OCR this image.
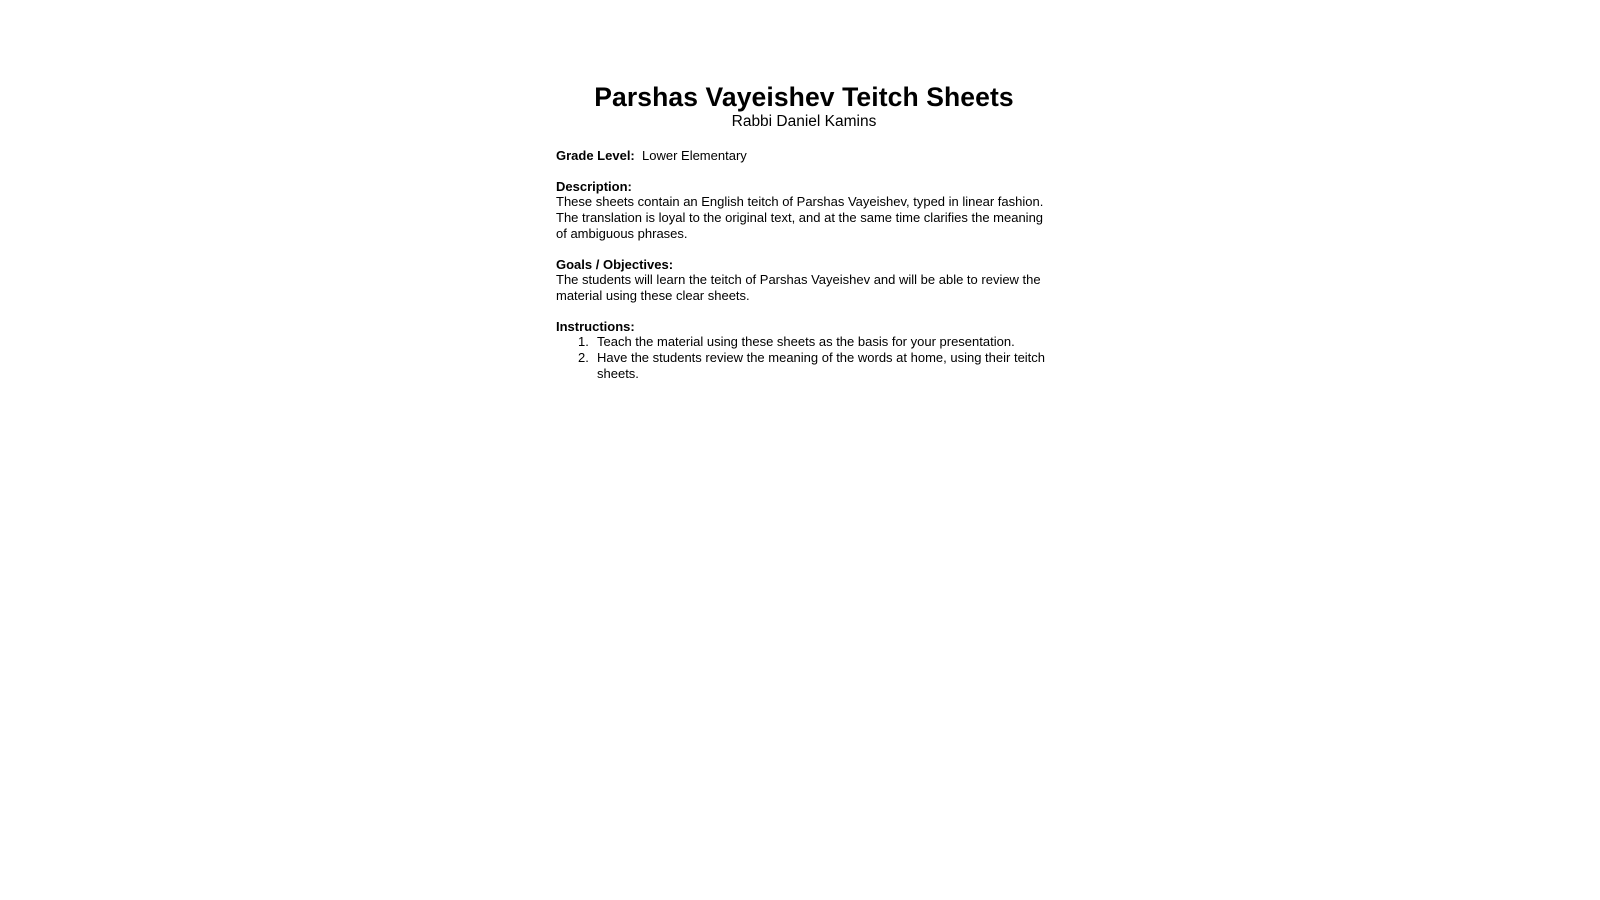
Parshas Vayeishev Teitch Sheets
Rabbi Daniel Kamins
Grade Level: Lower Elementary
Description:

These sheets contain an English teitch of Parshas Vayeishev, typed in linear fashion. The translation is loyal to the original text, and at the same time clarifies the meaning of ambiguous phrases.

Goals / Objectives:

The students will learn the teitch of Parshas Vayeishev and will be able to review the material using these clear sheets.

Instructions:
1. Teach the material using these sheets as the basis for your presentation.
2. Have the students review the meaning of the words at home, using their teitch sheets.
